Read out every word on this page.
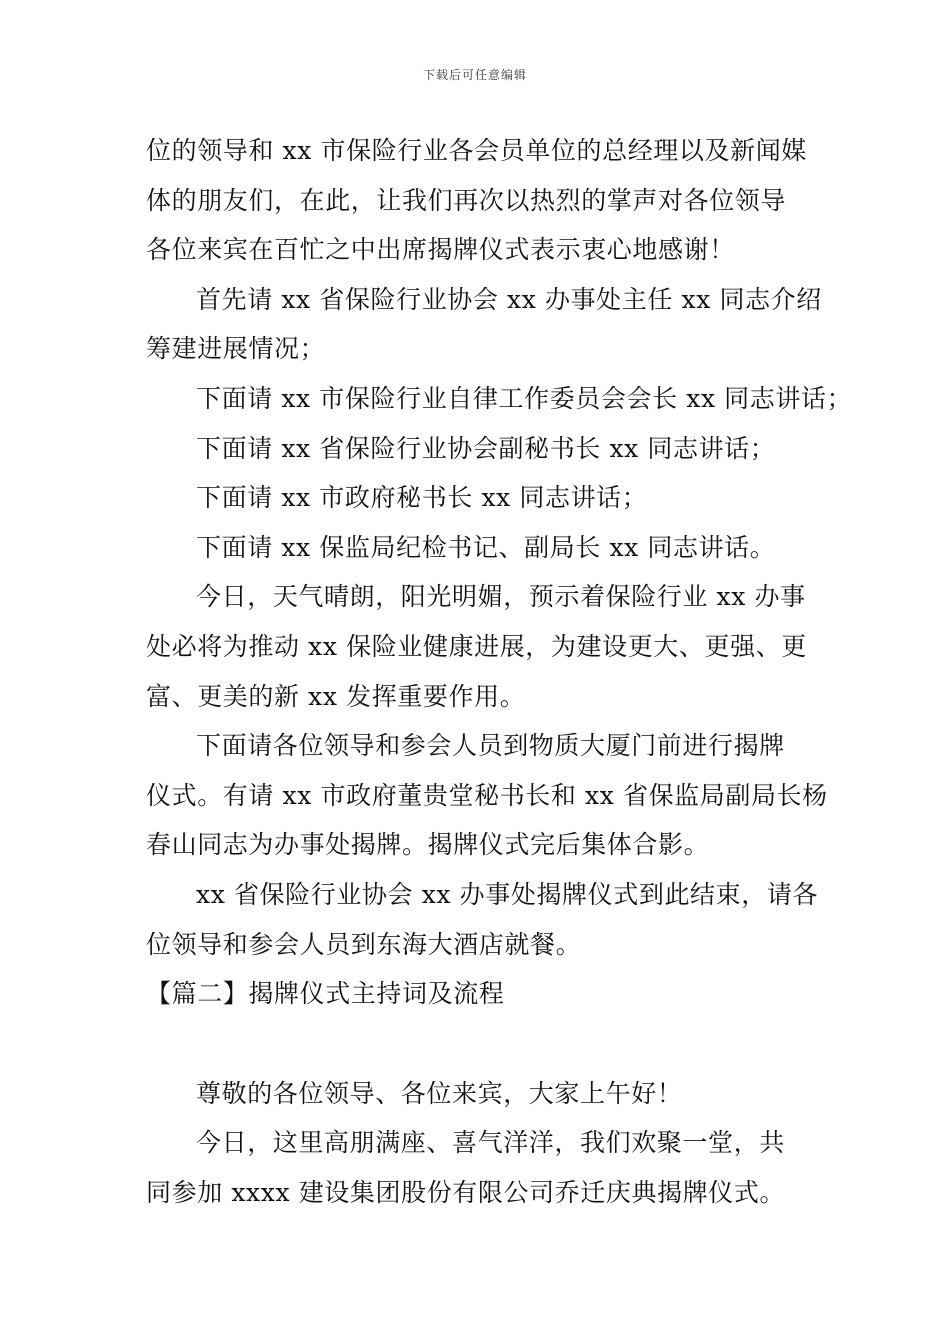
下载后可任意编辑
位的领导和 xx 市保险行业各会员单位的总经理以及新闻媒
体的朋友们，在此，让我们再次以热烈的掌声对各位领导
各位来宾在百忙之中出席揭牌仪式表示衷心地感谢！
首先请 xx 省保险行业协会 xx 办事处主任 xx 同志介绍
筹建进展情况；
下面请 xx 市保险行业自律工作委员会会长 xx 同志讲话；
下面请 xx 省保险行业协会副秘书长 xx 同志讲话；
下面请 xx 市政府秘书长 xx 同志讲话；
下面请 xx 保监局纪检书记、副局长 xx 同志讲话。
今日，天气晴朗，阳光明媚，预示着保险行业 xx 办事
处必将为推动 xx 保险业健康进展，为建设更大、更强、更
富、更美的新 xx 发挥重要作用。
下面请各位领导和参会人员到物质大厦门前进行揭牌
仪式。有请 xx 市政府董贵堂秘书长和 xx 省保监局副局长杨
春山同志为办事处揭牌。揭牌仪式完后集体合影。
xx 省保险行业协会 xx 办事处揭牌仪式到此结束，请各
位领导和参会人员到东海大酒店就餐。
【篇二】揭牌仪式主持词及流程
尊敬的各位领导、各位来宾，大家上午好！
今日，这里高朋满座、喜气洋洋，我们欢聚一堂，共
同参加 xxxx 建设集团股份有限公司乔迁庆典揭牌仪式。
